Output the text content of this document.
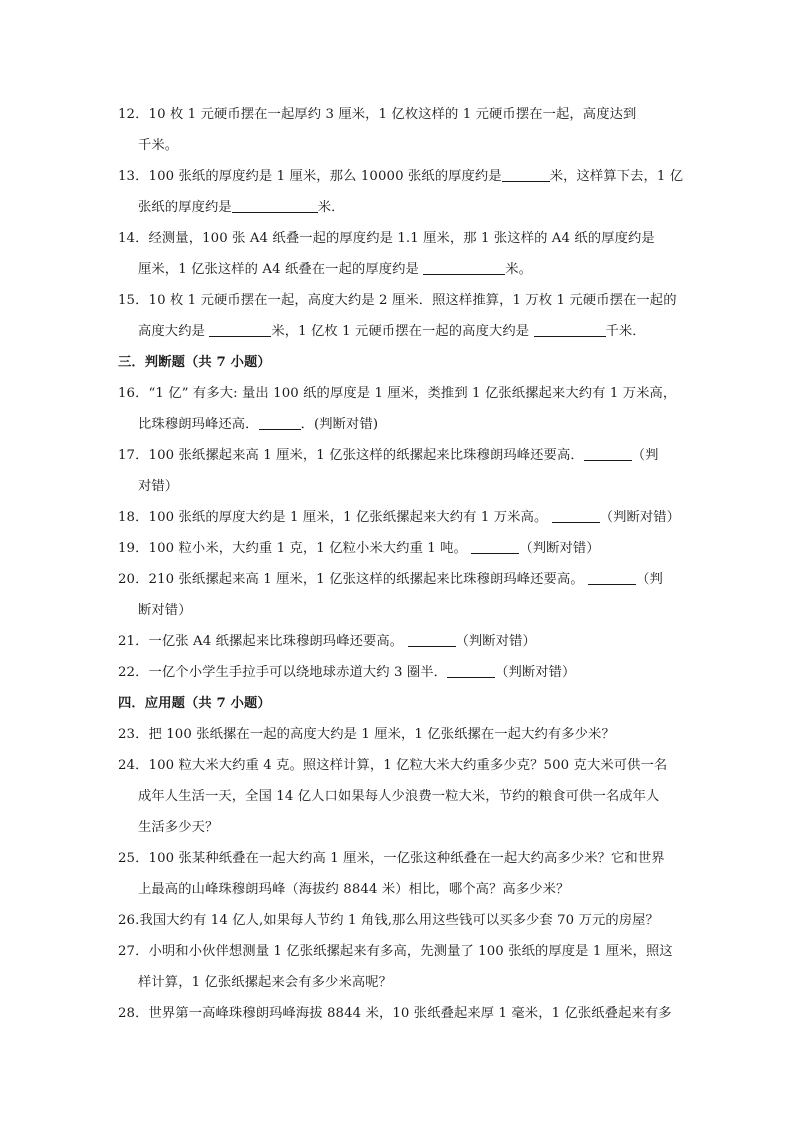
12．10 枚 1 元硬币摆在一起厚约 3 厘米，1 亿枚这样的 1 元硬币摆在一起，高度达到
千米。
13．100 张纸的厚度约是 1 厘米，那么 10000 张纸的厚度约是	米，这样算下去，1 亿
张纸的厚度约是	米．
14．经测量，100 张 A4 纸叠一起的厚度约是 1.1 厘米，那 1 张这样的 A4 纸的厚度约是
厘米，1 亿张这样的 A4 纸叠在一起的厚度约是	米。
15．10 枚 1 元硬币摆在一起，高度大约是 2 厘米．照这样推算，1 万枚 1 元硬币摆在一起的
高度大约是	米，1 亿枚 1 元硬币摆在一起的高度大约是	千米．

三．判断题（共 7 小题）

16．“1 亿” 有多大: 量出 100 纸的厚度是 1 厘米，类推到 1 亿张纸摞起来大约有 1 万米高，
比珠穆朗玛峰还高．	．(判断对错)
17．100 张纸摞起来高 1 厘米，1 亿张这样的纸摞起来比珠穆朗玛峰还要高．	（判
对错）
18．100 张纸的厚度大约是 1 厘米，1 亿张纸摞起来大约有 1 万米高。	（判断对错）
19．100 粒小米，大约重 1 克，1 亿粒小米大约重 1 吨。	（判断对错）
20．210 张纸摞起来高 1 厘米，1 亿张这样的纸摞起来比珠穆朗玛峰还要高。	（判
断对错）
21．一亿张 A4 纸摞起来比珠穆朗玛峰还要高。	（判断对错）
22．一亿个小学生手拉手可以绕地球赤道大约 3 圈半．	（判断对错）

四．应用题（共 7 小题）

23．把 100 张纸摞在一起的高度大约是 1 厘米，1 亿张纸摞在一起大约有多少米？
24．100 粒大米大约重 4 克。照这样计算，1 亿粒大米大约重多少克？500 克大米可供一名
成年人生活一天，全国 14 亿人口如果每人少浪费一粒大米，节约的粮食可供一名成年人
生活多少天？
25．100 张某种纸叠在一起大约高 1 厘米，一亿张这种纸叠在一起大约高多少米？它和世界
上最高的山峰珠穆朗玛峰（海拔约 8844 米）相比，哪个高？高多少米？
26.我国大约有 14 亿人,如果每人节约 1 角钱,那么用这些钱可以买多少套 70 万元的房屋？
27．小明和小伙伴想测量 1 亿张纸摞起来有多高，先测量了 100 张纸的厚度是 1 厘米，照这
样计算，1 亿张纸摞起来会有多少米高呢？
28．世界第一高峰珠穆朗玛峰海拔 8844 米，10 张纸叠起来厚 1 毫米，1 亿张纸叠起来有多
